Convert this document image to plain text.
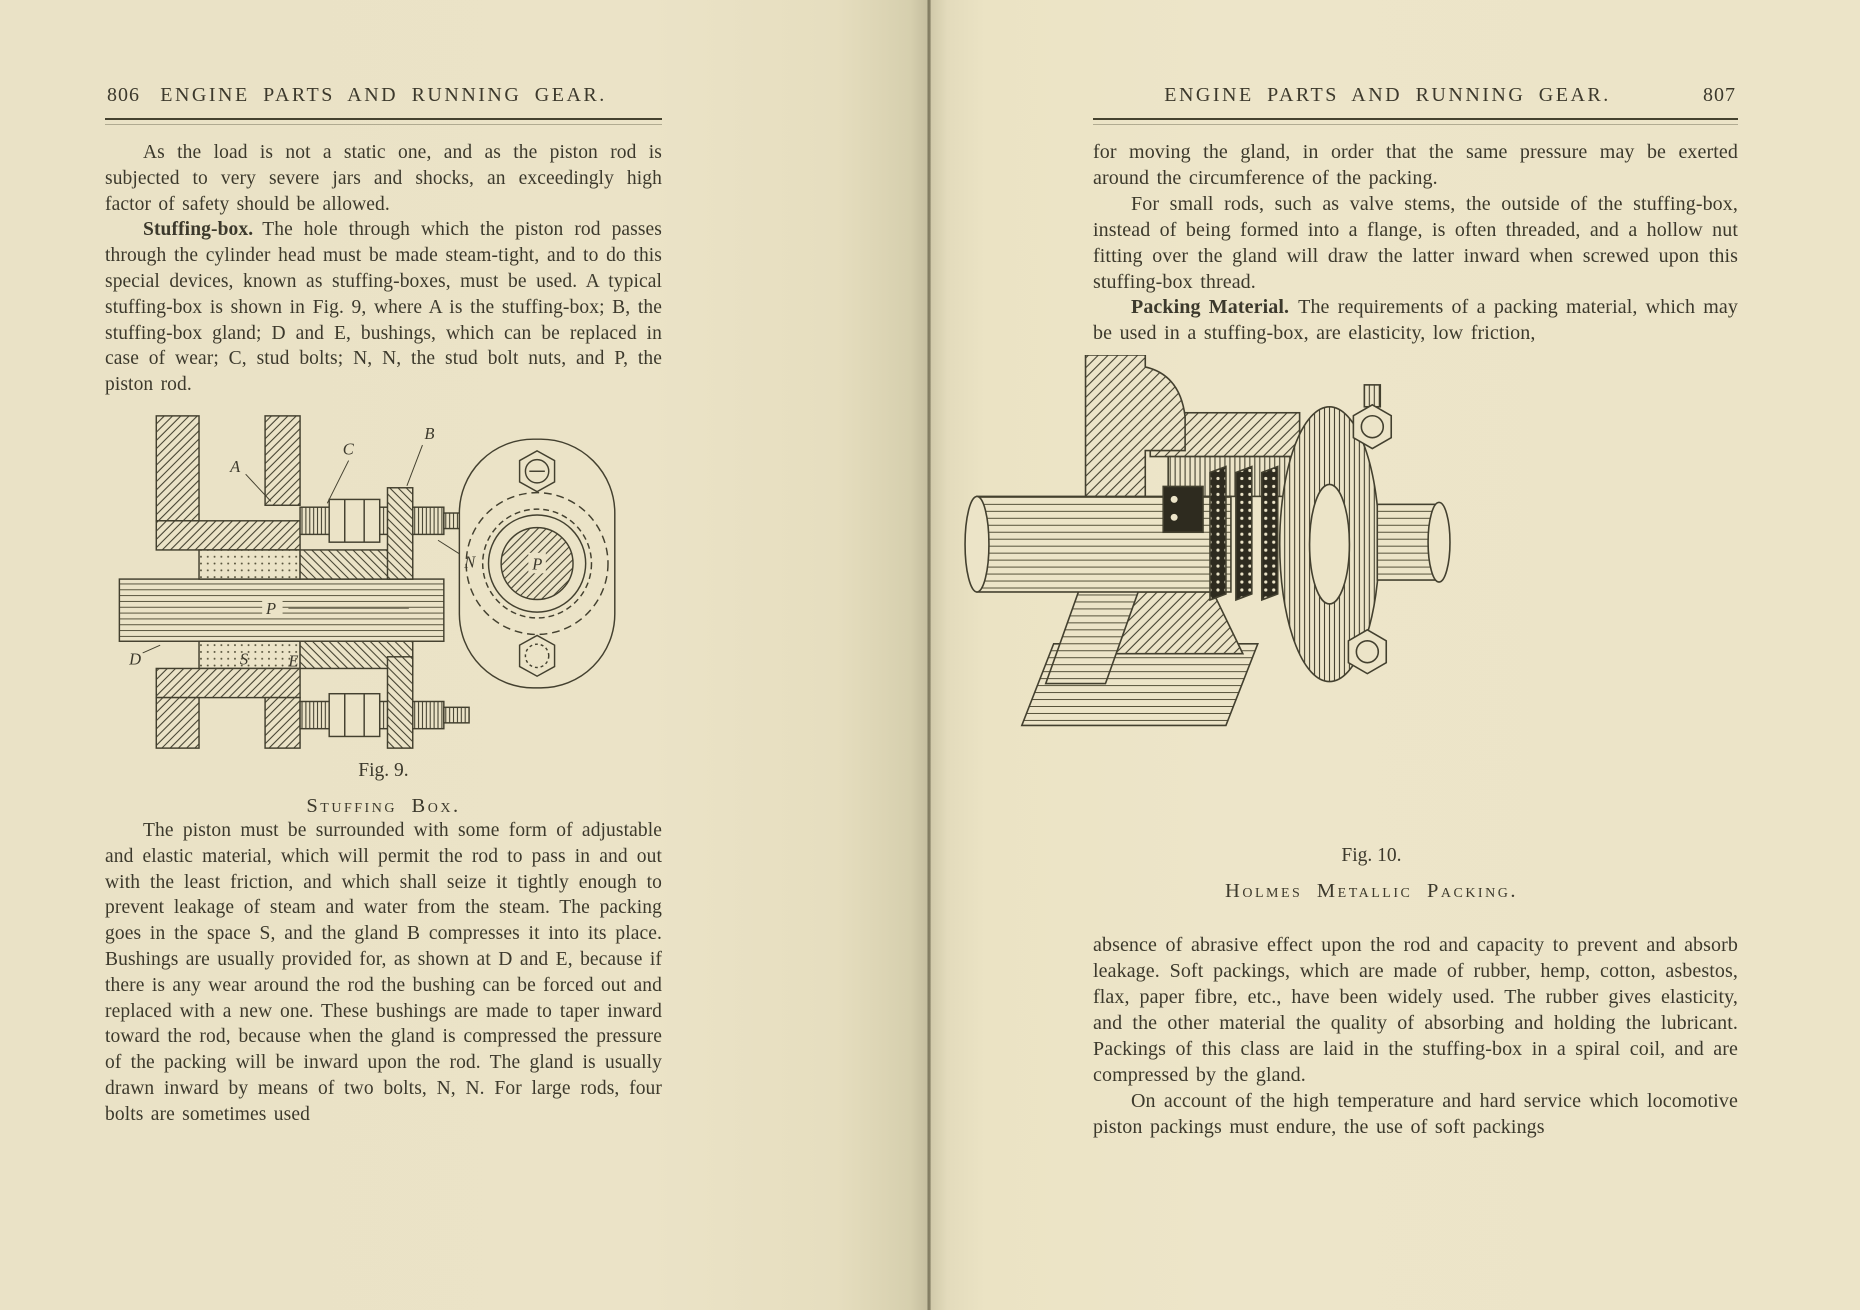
806	ENGINE PARTS AND RUNNING GEAR.

As the load is not a static one, and as the piston rod is subjected to very severe jars and shocks, an exceedingly high factor of safety should be allowed.

Stuffing-box. The hole through which the piston rod passes through the cylinder head must be made steam-tight, and to do this special devices, known as stuffing-boxes, must be used. A typical stuffing-box is shown in Fig. 9, where A is the stuffing-box; B, the stuffing-box gland; D and E, bushings, which can be replaced in case of wear; C, stud bolts; N, N, the stud bolt nuts, and P, the piston rod.

A
B
C
N
P
D	S E
P
Fig. 9.
Stuffing Box.

The piston must be surrounded with some form of adjustable and elastic material, which will permit the rod to pass in and out with the least friction, and which shall seize it tightly enough to prevent leakage of steam and water from the steam. The packing goes in the space S, and the gland B compresses it into its place. Bushings are usually provided for, as shown at D and E, because if there is any wear around the rod the bushing can be forced out and replaced with a new one. These bushings are made to taper inward toward the rod, because when the gland is compressed the pressure of the packing will be inward upon the rod. The gland is usually drawn inward by means of two bolts, N, N. For large rods, four bolts are sometimes used

ENGINE PARTS AND RUNNING GEAR.	807

for moving the gland, in order that the same pressure may be exerted around the circumference of the packing.

For small rods, such as valve stems, the outside of the stuffing-box, instead of being formed into a flange, is often threaded, and a hollow nut fitting over the gland will draw the latter inward when screwed upon this stuffing-box thread.

Packing Material. The requirements of a packing material, which may be used in a stuffing-box, are elasticity, low friction,

Fig. 10.
Holmes Metallic Packing.

absence of abrasive effect upon the rod and capacity to prevent and absorb leakage. Soft packings, which are made of rubber, hemp, cotton, asbestos, flax, paper fibre, etc., have been widely used. The rubber gives elasticity, and the other material the quality of absorbing and holding the lubricant. Packings of this class are laid in the stuffing-box in a spiral coil, and are compressed by the gland.

On account of the high temperature and hard service which locomotive piston packings must endure, the use of soft packings
